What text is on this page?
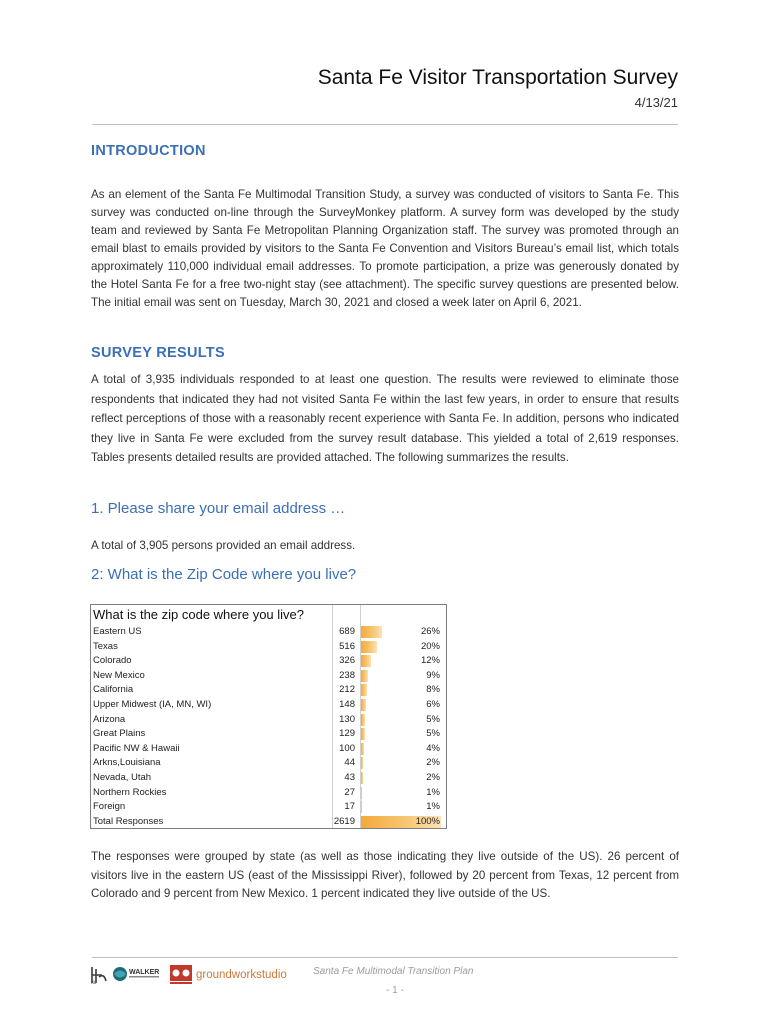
Santa Fe Visitor Transportation Survey
4/13/21
INTRODUCTION
As an element of the Santa Fe Multimodal Transition Study, a survey was conducted of visitors to Santa Fe. This survey was conducted on-line through the SurveyMonkey platform. A survey form was developed by the study team and reviewed by Santa Fe Metropolitan Planning Organization staff. The survey was promoted through an email blast to emails provided by visitors to the Santa Fe Convention and Visitors Bureau’s email list, which totals approximately 110,000 individual email addresses. To promote participation, a prize was generously donated by the Hotel Santa Fe for a free two-night stay (see attachment). The specific survey questions are presented below. The initial email was sent on Tuesday, March 30, 2021 and closed a week later on April 6, 2021.
SURVEY RESULTS
A total of 3,935 individuals responded to at least one question. The results were reviewed to eliminate those respondents that indicated they had not visited Santa Fe within the last few years, in order to ensure that results reflect perceptions of those with a reasonably recent experience with Santa Fe. In addition, persons who indicated they live in Santa Fe were excluded from the survey result database. This yielded a total of 2,619 responses. Tables presents detailed results are provided attached. The following summarizes the results.
1. Please share your email address …
A total of 3,905 persons provided an email address.
2: What is the Zip Code where you live?
What is the zip code where you live?
Eastern US	689	26%
Texas	516	20%
Colorado	326	12%
New Mexico	238	9%
California	212	8%
Upper Midwest (IA, MN, WI)	148	6%
Arizona	130	5%
Great Plains	129	5%
Pacific NW & Hawaii	100	4%
Arkns,Louisiana	44	2%
Nevada, Utah	43	2%
Northern Rockies	27	1%
Foreign	17	1%
Total Responses	2619	100%
The responses were grouped by state (as well as those indicating they live outside of the US). 26 percent of visitors live in the eastern US (east of the Mississippi River), followed by 20 percent from Texas, 12 percent from Colorado and 9 percent from New Mexico. 1 percent indicated they live outside of the US.
Itc
WALKER	groundworkstudio	Santa Fe Multimodal Transition Plan
- 1 -
